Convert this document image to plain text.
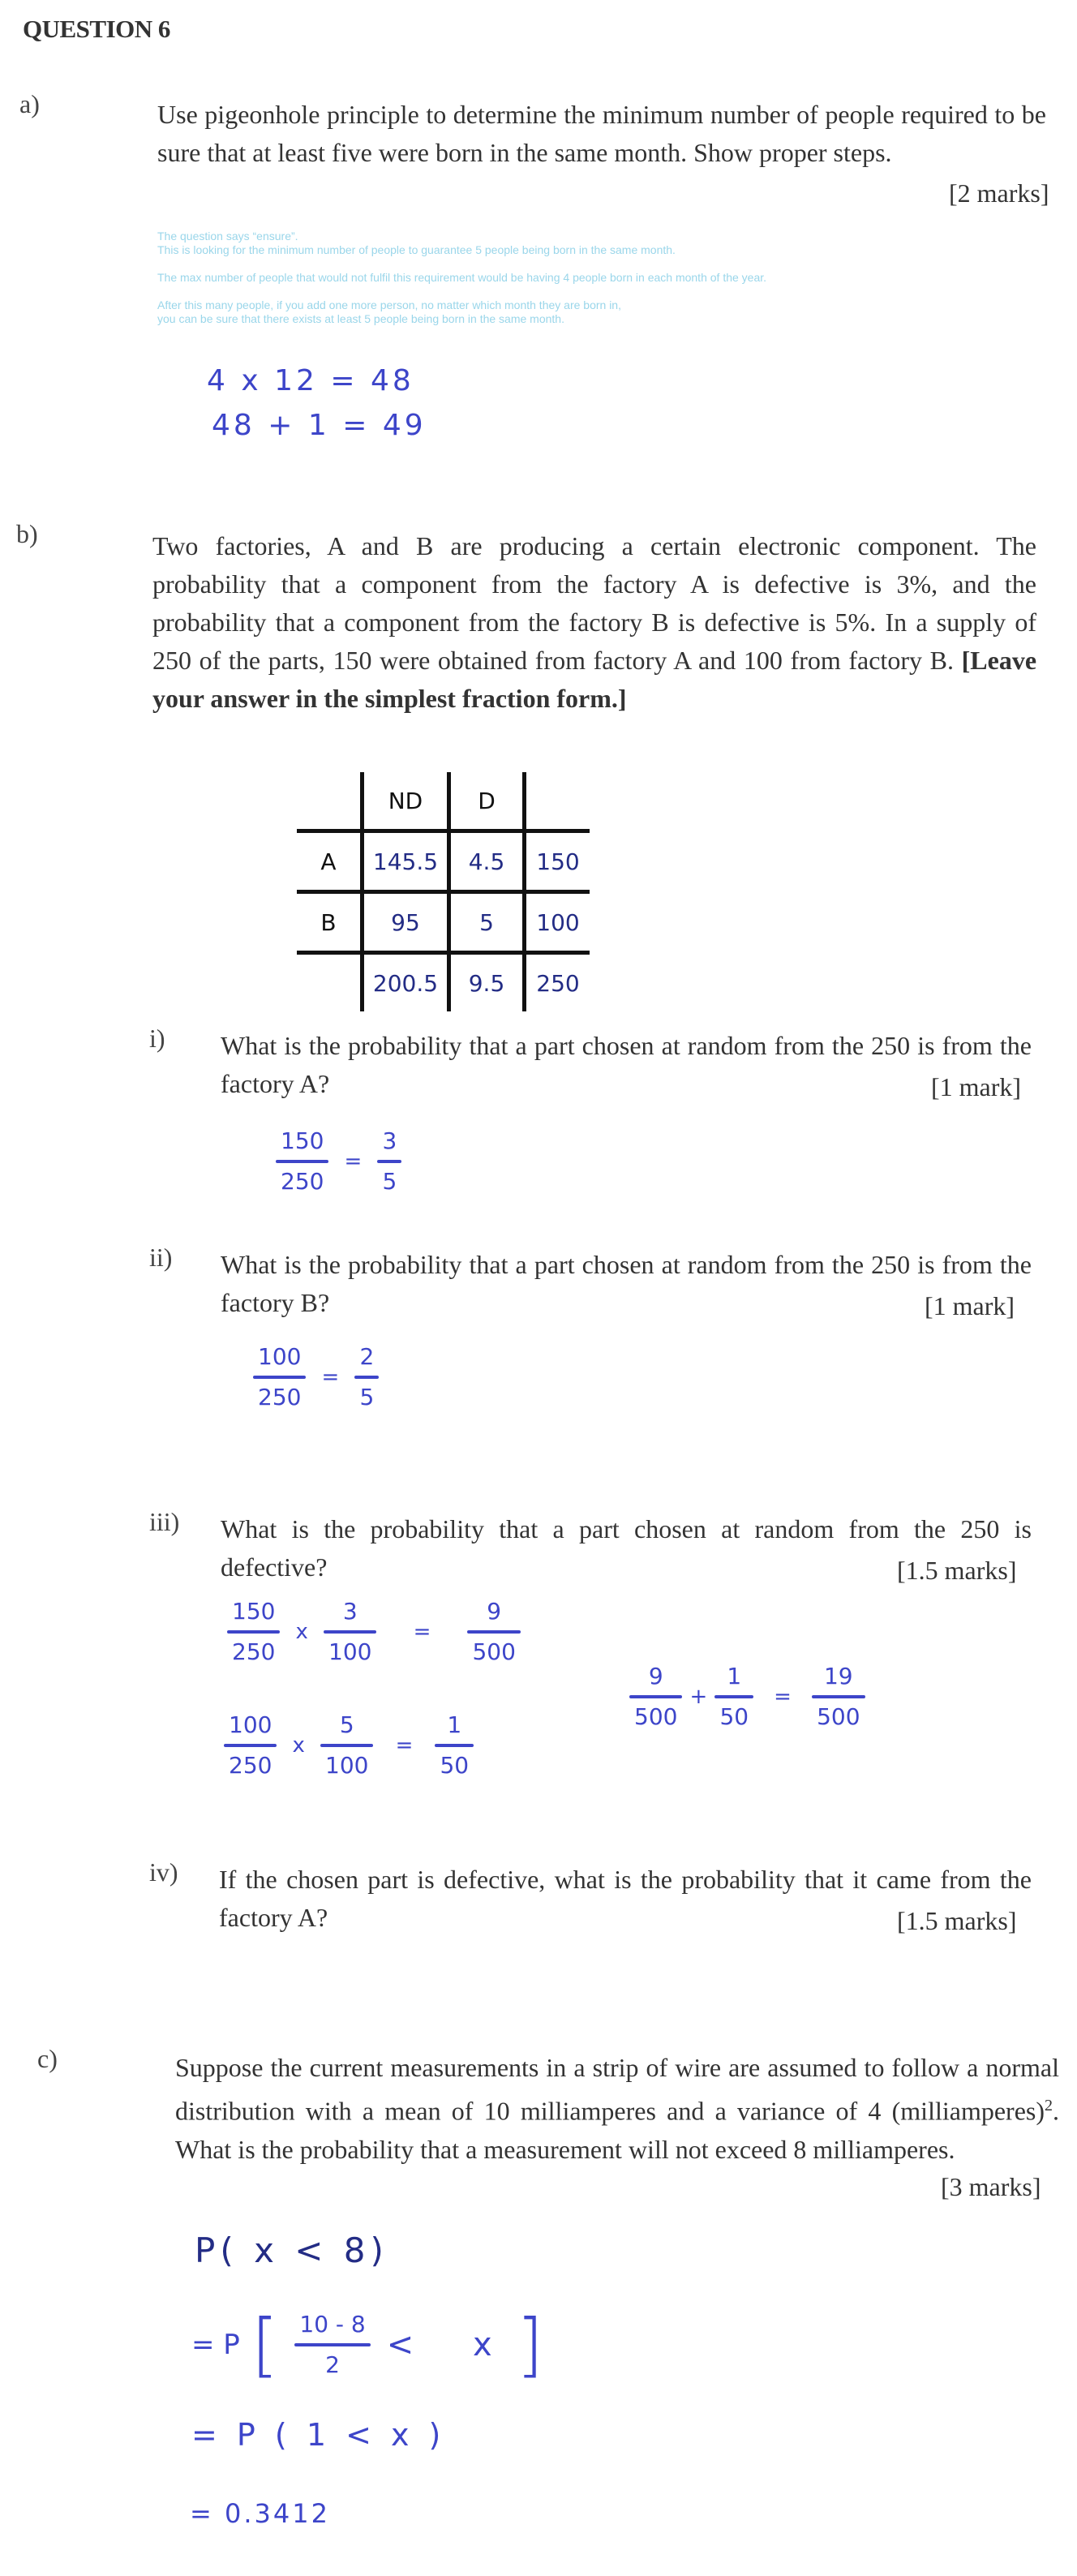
QUESTION 6
a)	Use pigeonhole principle to determine the minimum number of people required to be sure that at least five were born in the same month. Show proper steps.
[2 marks]
The question says “ensure”.
This is looking for the minimum number of people to guarantee 5 people being born in the same month.
The max number of people that would not fulfil this requirement would be having 4 people born in each month of the year.
After this many people, if you add one more person, no matter which month they are born in,
you can be sure that there exists at least 5 people being born in the same month.
4 x 12 = 48
48 + 1 = 49
b)	Two factories, A and B are producing a certain electronic component. The probability that a component from the factory A is defective is 3%, and the probability that a component from the factory B is defective is 5%. In a supply of 250 of the parts, 150 were obtained from factory A and 100 from factory B. [Leave your answer in the simplest fraction form.]
	ND	D	
A	145.5	4.5	150
B	95	5	100
	200.5	9.5	250
i) What is the probability that a part chosen at random from the 250 is from the factory A?	[1 mark]
$\frac{150}{250} = \frac{3}{5}$
ii) What is the probability that a part chosen at random from the 250 is from the factory B?	[1 mark]
$\frac{100}{250} = \frac{2}{5}$
iii) What is the probability that a part chosen at random from the 250 is defective?	[1.5 marks]
$\frac{150}{250}$ x $\frac{3}{100} = \frac{9}{500}$
$\frac{100}{250}$ x $\frac{5}{100} = \frac{1}{50}$
$\frac{9}{500} + \frac{1}{50} = \frac{19}{500}$
iv) If the chosen part is defective, what is the probability that it came from the factory A?	[1.5 marks]
c)	Suppose the current measurements in a strip of wire are assumed to follow a normal distribution with a mean of 10 milliamperes and a variance of 4 (milliamperes)$^2$. What is the probability that a measurement will not exceed 8 milliamperes.
[3 marks]
P( x < 8)
= P [ $\frac{10 - 8}{2} < x$ ]
= P ( 1 < x )
= 0.3412
